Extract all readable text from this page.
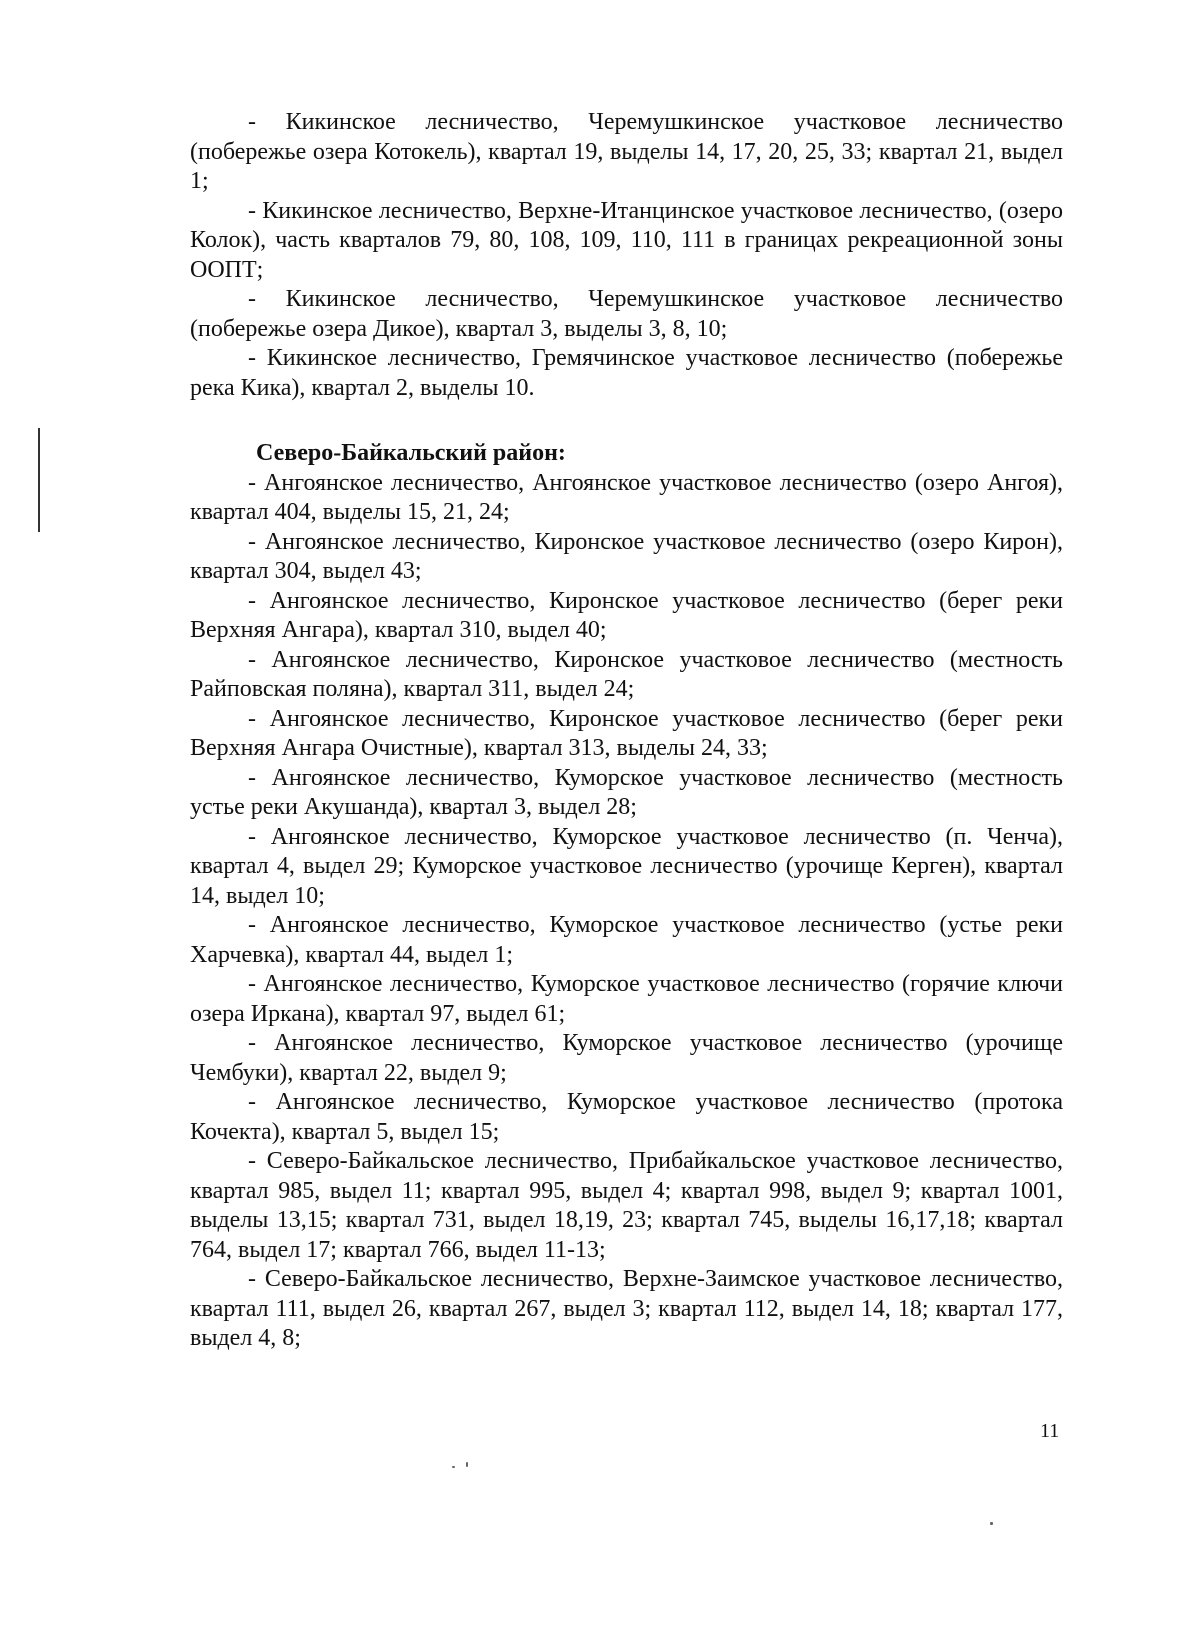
- Кикинское лесничество, Черемушкинское участковое лесничество (побережье озера Котокель), квартал 19, выделы 14, 17, 20, 25, 33; квартал 21, выдел 1;

- Кикинское лесничество, Верхне-Итанцинское участковое лесничество, (озеро Колок), часть кварталов 79, 80, 108, 109, 110, 111 в границах рекреационной зоны ООПТ;

- Кикинское лесничество, Черемушкинское участковое лесничество (побережье озера Дикое), квартал 3, выделы 3, 8, 10;

- Кикинское лесничество, Гремячинское участковое лесничество (побережье река Кика), квартал 2, выделы 10.

Северо-Байкальский район:

- Ангоянское лесничество, Ангоянское участковое лесничество (озеро Ангоя), квартал 404, выделы 15, 21, 24;

- Ангоянское лесничество, Киронское участковое лесничество (озеро Кирон), квартал 304, выдел 43;

- Ангоянское лесничество, Киронское участковое лесничество (берег реки Верхняя Ангара), квартал 310, выдел 40;

- Ангоянское лесничество, Киронское участковое лесничество (местность Райповская поляна), квартал 311, выдел 24;

- Ангоянское лесничество, Киронское участковое лесничество (берег реки Верхняя Ангара Очистные), квартал 313, выделы 24, 33;

- Ангоянское лесничество, Куморское участковое лесничество (местность устье реки Акушанда), квартал 3, выдел 28;

- Ангоянское лесничество, Куморское участковое лесничество (п. Ченча), квартал 4, выдел 29; Куморское участковое лесничество (урочище Керген), квартал 14, выдел 10;

- Ангоянское лесничество, Куморское участковое лесничество (устье реки Харчевка), квартал 44, выдел 1;

- Ангоянское лесничество, Куморское участковое лесничество (горячие ключи озера Иркана), квартал 97, выдел 61;

- Ангоянское лесничество, Куморское участковое лесничество (урочище Чембуки), квартал 22, выдел 9;

- Ангоянское лесничество, Куморское участковое лесничество (протока Кочекта), квартал 5, выдел 15;

- Северо-Байкальское лесничество, Прибайкальское участковое лесничество, квартал 985, выдел 11; квартал 995, выдел 4; квартал 998, выдел 9; квартал 1001, выделы 13,15; квартал 731, выдел 18,19, 23; квартал 745, выделы 16,17,18; квартал 764, выдел 17; квартал 766, выдел 11-13;

- Северо-Байкальское лесничество, Верхне-Заимское участковое лесничество, квартал 111, выдел 26, квартал 267, выдел 3; квартал 112, выдел 14, 18; квартал 177, выдел 4, 8;

11
